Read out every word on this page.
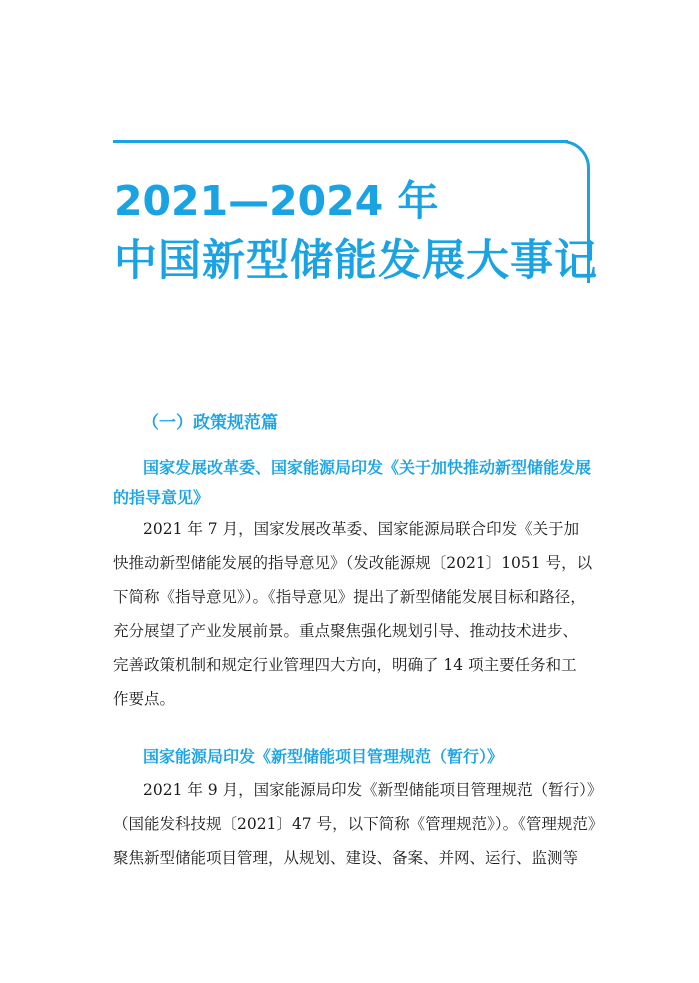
2021—2024 年
中国新型储能发展大事记
（一）政策规范篇
国家发展改革委、国家能源局印发《关于加快推动新型储能发展
的指导意见》

2021 年 7 月，国家发展改革委、国家能源局联合印发《关于加

快推动新型储能发展的指导意见》（发改能源规〔2021〕1051 号，以

下简称《指导意见》）。《指导意见》提出了新型储能发展目标和路径，

充分展望了产业发展前景。重点聚焦强化规划引导、推动技术进步、

完善政策机制和规定行业管理四大方向，明确了 14 项主要任务和工

作要点。

国家能源局印发《新型储能项目管理规范（暂行）》

2021 年 9 月，国家能源局印发《新型储能项目管理规范（暂行）》

（国能发科技规〔2021〕47 号，以下简称《管理规范》）。《管理规范》

聚焦新型储能项目管理，从规划、建设、备案、并网、运行、监测等
